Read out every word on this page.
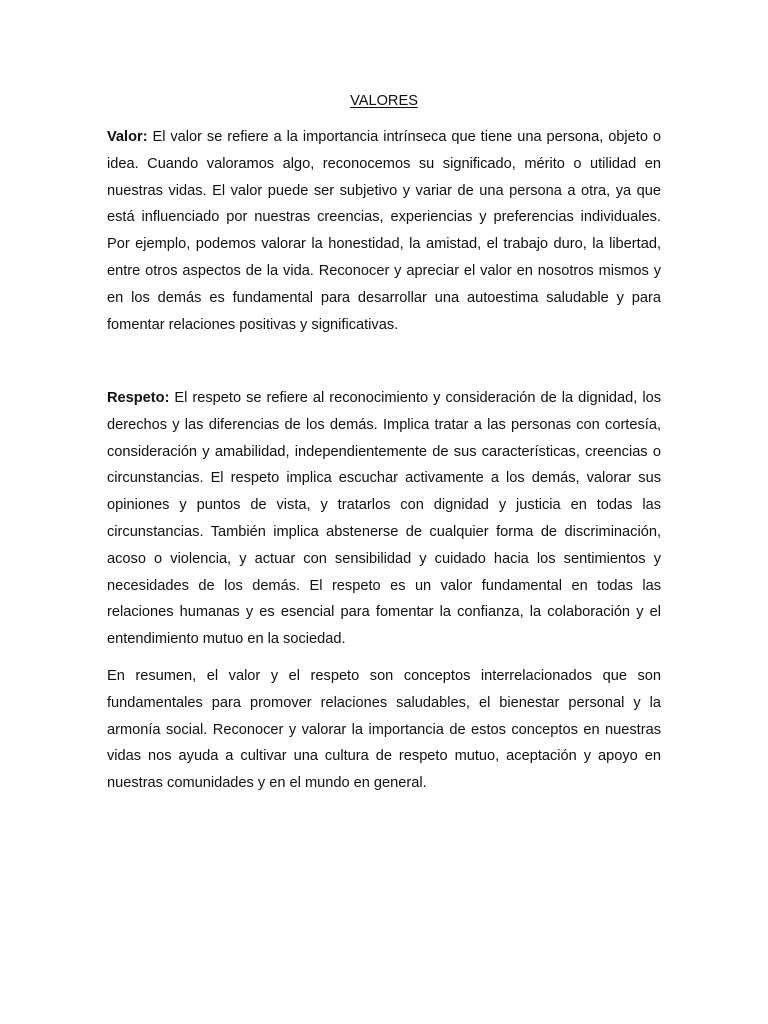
VALORES

Valor: El valor se refiere a la importancia intrínseca que tiene una persona, objeto o idea. Cuando valoramos algo, reconocemos su significado, mérito o utilidad en nuestras vidas. El valor puede ser subjetivo y variar de una persona a otra, ya que está influenciado por nuestras creencias, experiencias y preferencias individuales. Por ejemplo, podemos valorar la honestidad, la amistad, el trabajo duro, la libertad, entre otros aspectos de la vida. Reconocer y apreciar el valor en nosotros mismos y en los demás es fundamental para desarrollar una autoestima saludable y para fomentar relaciones positivas y significativas.

Respeto: El respeto se refiere al reconocimiento y consideración de la dignidad, los derechos y las diferencias de los demás. Implica tratar a las personas con cortesía, consideración y amabilidad, independientemente de sus características, creencias o circunstancias. El respeto implica escuchar activamente a los demás, valorar sus opiniones y puntos de vista, y tratarlos con dignidad y justicia en todas las circunstancias. También implica abstenerse de cualquier forma de discriminación, acoso o violencia, y actuar con sensibilidad y cuidado hacia los sentimientos y necesidades de los demás. El respeto es un valor fundamental en todas las relaciones humanas y es esencial para fomentar la confianza, la colaboración y el entendimiento mutuo en la sociedad.

En resumen, el valor y el respeto son conceptos interrelacionados que son fundamentales para promover relaciones saludables, el bienestar personal y la armonía social. Reconocer y valorar la importancia de estos conceptos en nuestras vidas nos ayuda a cultivar una cultura de respeto mutuo, aceptación y apoyo en nuestras comunidades y en el mundo en general.
